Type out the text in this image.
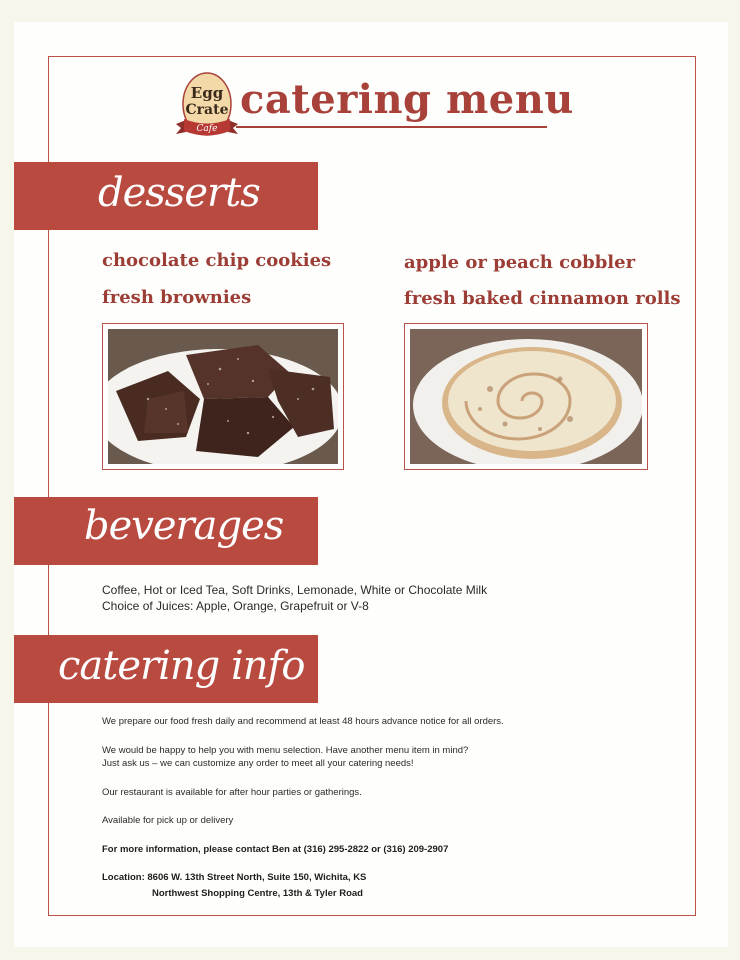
Egg
Crate
Cafe
catering menu
desserts
chocolate chip cookies
fresh brownies
apple or peach cobbler
fresh baked cinnamon rolls
beverages
Coffee, Hot or Iced Tea, Soft Drinks, Lemonade, White or Chocolate Milk
Choice of Juices: Apple, Orange, Grapefruit or V-8
catering info
We prepare our food fresh daily and recommend at least 48 hours advance notice for all orders.
We would be happy to help you with menu selection. Have another menu item in mind?
Just ask us – we can customize any order to meet all your catering needs!
Our restaurant is available for after hour parties or gatherings.
Available for pick up or delivery
For more information, please contact Ben at (316) 295-2822 or (316) 209-2907
Location: 8606 W. 13th Street North, Suite 150, Wichita, KS
Northwest Shopping Centre, 13th & Tyler Road
